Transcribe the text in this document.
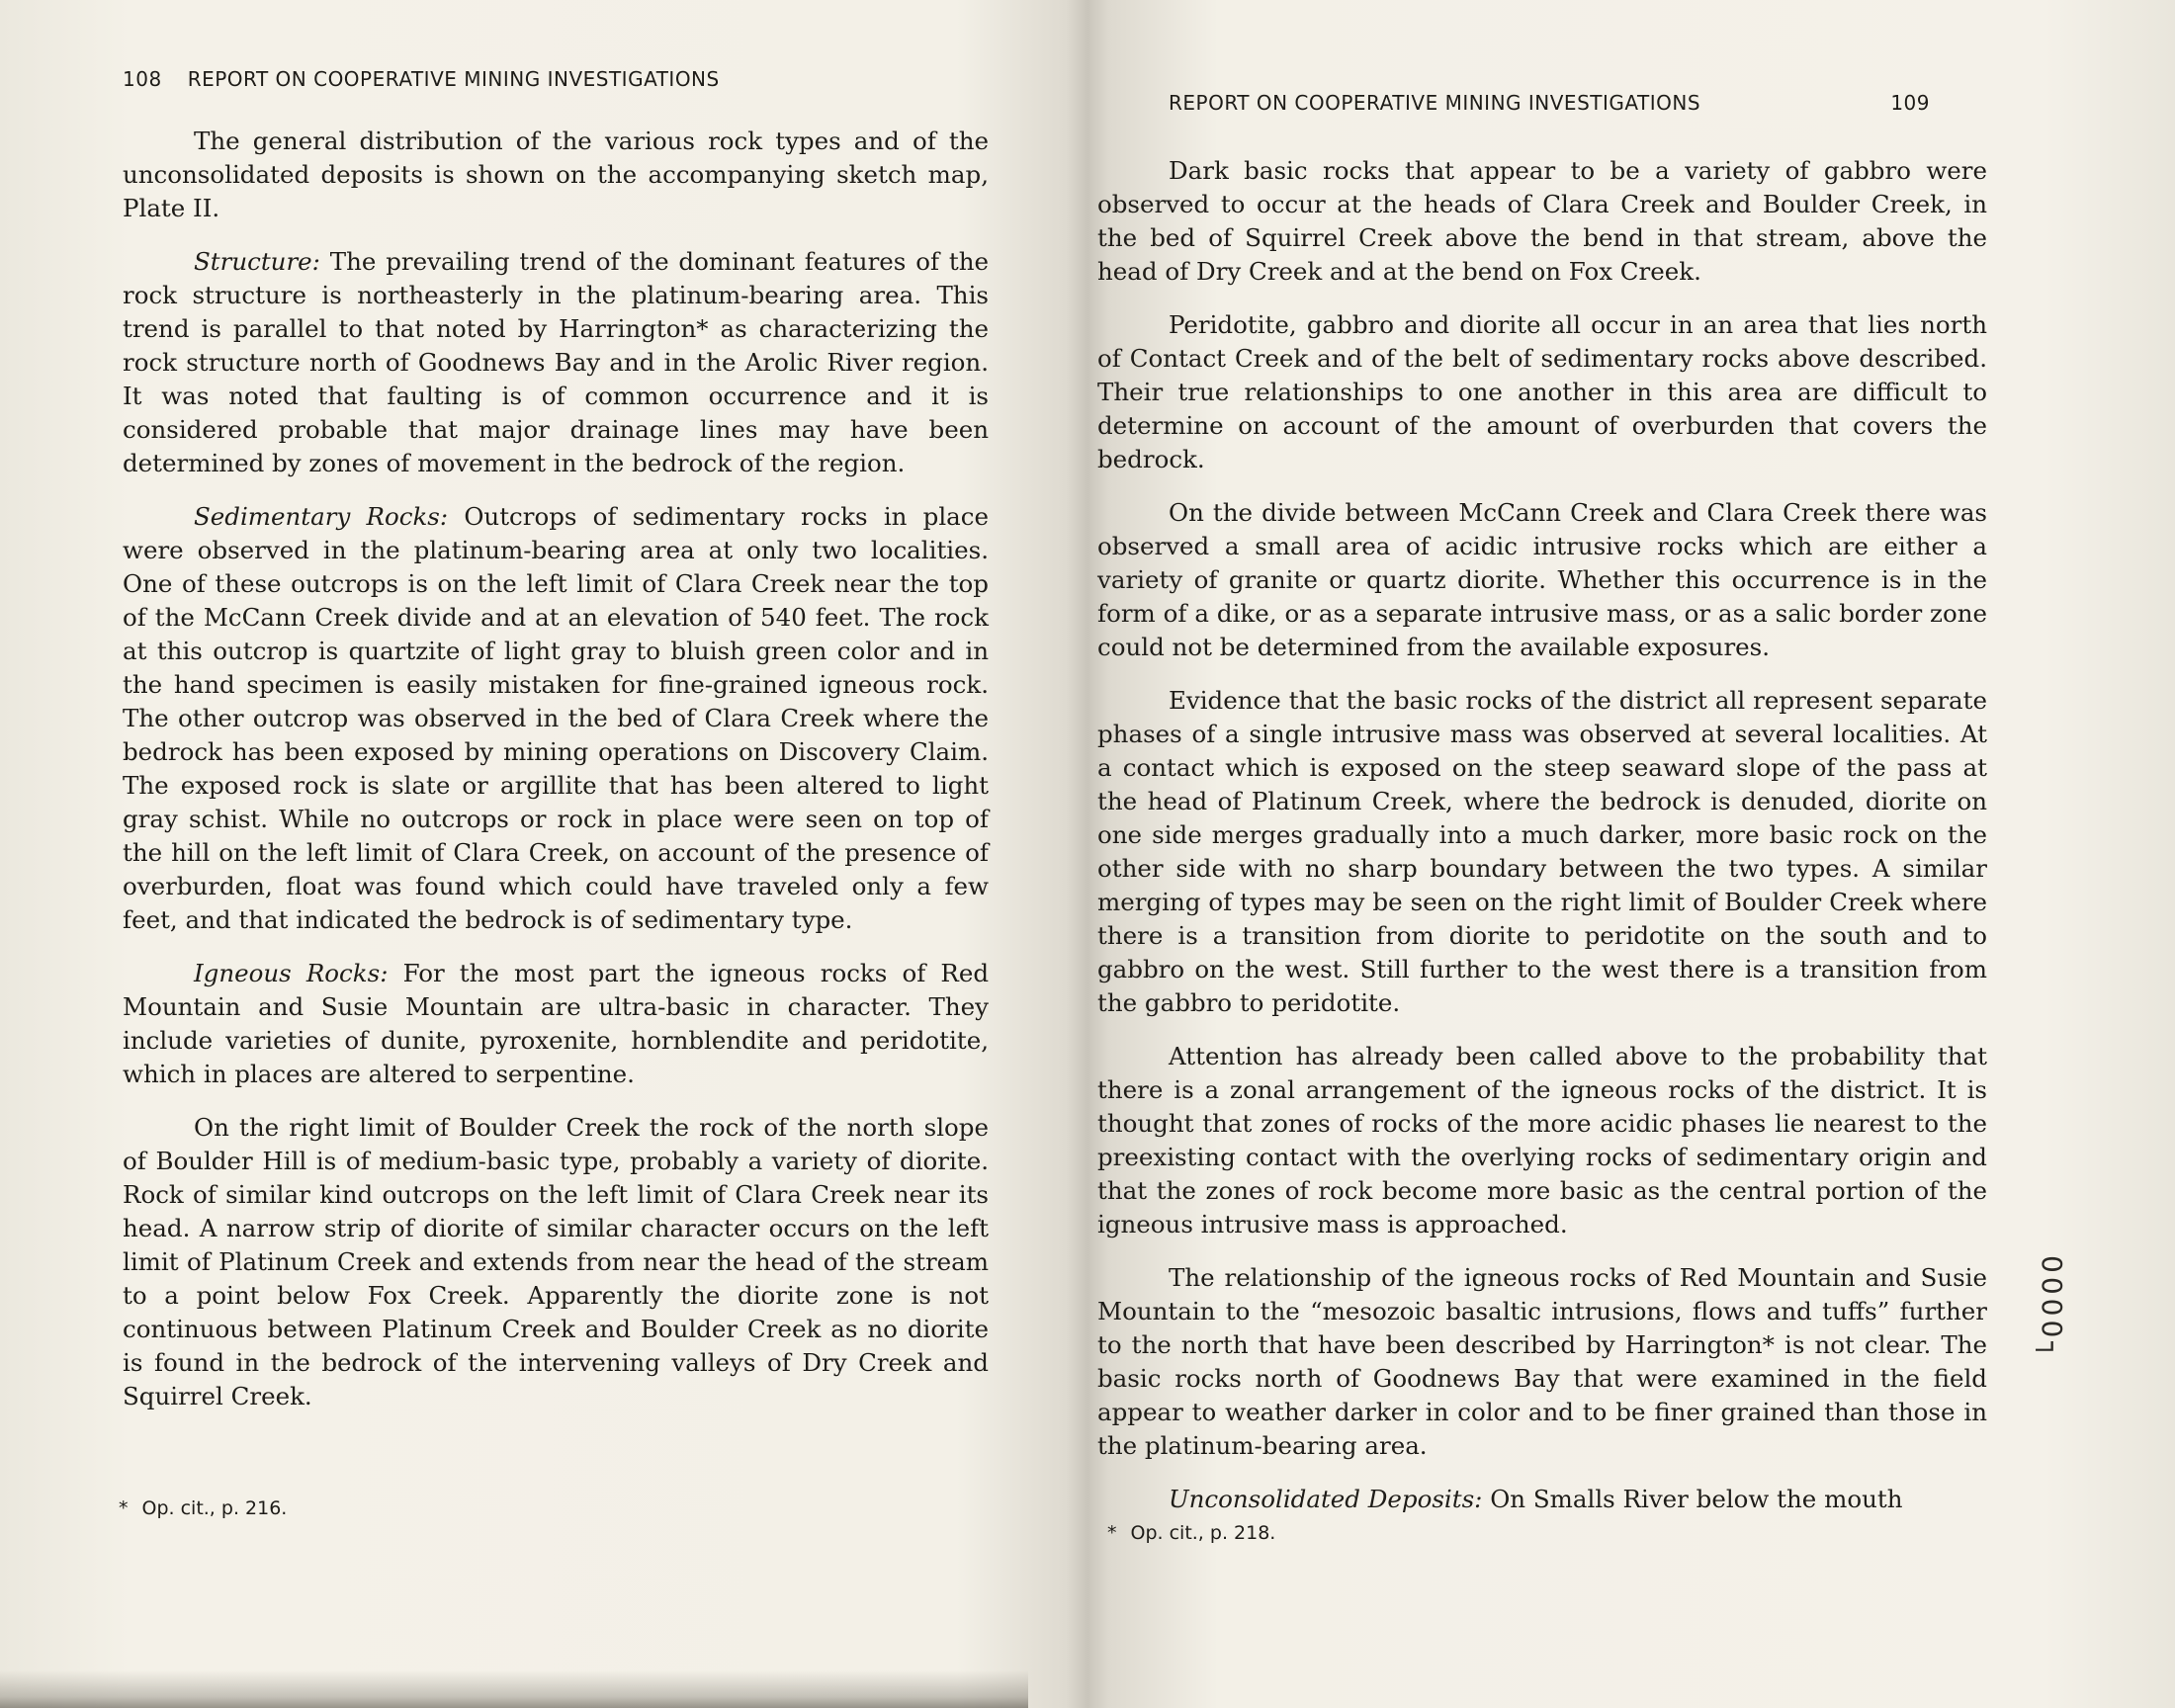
108 REPORT ON COOPERATIVE MINING INVESTIGATIONS

The general distribution of the various rock types and of the unconsolidated deposits is shown on the accompanying sketch map, Plate II.

Structure: The prevailing trend of the dominant features of the rock structure is northeasterly in the platinum-bearing area. This trend is parallel to that noted by Harrington* as characterizing the rock structure north of Goodnews Bay and in the Arolic River region. It was noted that faulting is of common occurrence and it is considered probable that major drainage lines may have been determined by zones of movement in the bedrock of the region.

Sedimentary Rocks: Outcrops of sedimentary rocks in place were observed in the platinum-bearing area at only two localities. One of these outcrops is on the left limit of Clara Creek near the top of the McCann Creek divide and at an elevation of 540 feet. The rock at this outcrop is quartzite of light gray to bluish green color and in the hand specimen is easily mistaken for fine-grained igneous rock. The other outcrop was observed in the bed of Clara Creek where the bedrock has been exposed by mining operations on Discovery Claim. The exposed rock is slate or argillite that has been altered to light gray schist. While no outcrops or rock in place were seen on top of the hill on the left limit of Clara Creek, on account of the presence of overburden, float was found which could have traveled only a few feet, and that indicated the bedrock is of sedimentary type.

Igneous Rocks: For the most part the igneous rocks of Red Mountain and Susie Mountain are ultra-basic in character. They include varieties of dunite, pyroxenite, hornblendite and peridotite, which in places are altered to serpentine.

On the right limit of Boulder Creek the rock of the north slope of Boulder Hill is of medium-basic type, probably a variety of diorite. Rock of similar kind outcrops on the left limit of Clara Creek near its head. A narrow strip of diorite of similar character occurs on the left limit of Platinum Creek and extends from near the head of the stream to a point below Fox Creek. Apparently the diorite zone is not continuous between Platinum Creek and Boulder Creek as no diorite is found in the bedrock of the intervening valleys of Dry Creek and Squirrel Creek.

* Op. cit., p. 216.
REPORT ON COOPERATIVE MINING INVESTIGATIONS	109

Dark basic rocks that appear to be a variety of gabbro were observed to occur at the heads of Clara Creek and Boulder Creek, in the bed of Squirrel Creek above the bend in that stream, above the head of Dry Creek and at the bend on Fox Creek.

Peridotite, gabbro and diorite all occur in an area that lies north of Contact Creek and of the belt of sedimentary rocks above described. Their true relationships to one another in this area are difficult to determine on account of the amount of overburden that covers the bedrock.

On the divide between McCann Creek and Clara Creek there was observed a small area of acidic intrusive rocks which are either a variety of granite or quartz diorite. Whether this occurrence is in the form of a dike, or as a separate intrusive mass, or as a salic border zone could not be determined from the available exposures.

Evidence that the basic rocks of the district all represent separate phases of a single intrusive mass was observed at several localities. At a contact which is exposed on the steep seaward slope of the pass at the head of Platinum Creek, where the bedrock is denuded, diorite on one side merges gradually into a much darker, more basic rock on the other side with no sharp boundary between the two types. A similar merging of types may be seen on the right limit of Boulder Creek where there is a transition from diorite to peridotite on the south and to gabbro on the west. Still further to the west there is a transition from the gabbro to peridotite.

Attention has already been called above to the probability that there is a zonal arrangement of the igneous rocks of the district. It is thought that zones of rocks of the more acidic phases lie nearest to the preexisting contact with the overlying rocks of sedimentary origin and that the zones of rock become more basic as the central portion of the igneous intrusive mass is approached.

The relationship of the igneous rocks of Red Mountain and Susie Mountain to the “mesozoic basaltic intrusions, flows and tuffs” further to the north that have been described by Harrington* is not clear. The basic rocks north of Goodnews Bay that were examined in the field appear to weather darker in color and to be finer grained than those in the platinum-bearing area.

Unconsolidated Deposits: On Smalls River below the mouth

* Op. cit., p. 218.
0000┐
